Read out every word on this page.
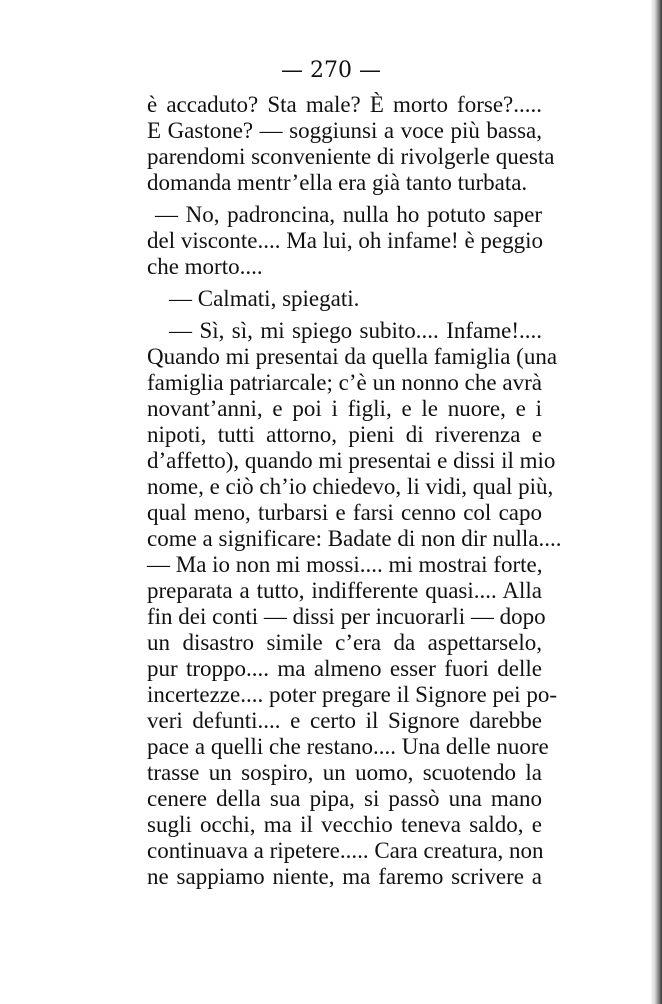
— 270 —
è accaduto? Sta male? È morto forse?.....
E Gastone? — soggiunsi a voce più bassa,
parendomi sconveniente di rivolgerle questa
domanda mentr’ella era già tanto turbata.
— No, padroncina, nulla ho potuto saper
del visconte.... Ma lui, oh infame! è peggio
che morto....
— Calmati, spiegati.
— Sì, sì, mi spiego subito.... Infame!....
Quando mi presentai da quella famiglia (una
famiglia patriarcale; c’è un nonno che avrà
novant’anni, e poi i figli, e le nuore, e i
nipoti, tutti attorno, pieni di riverenza e
d’affetto), quando mi presentai e dissi il mio
nome, e ciò ch’io chiedevo, li vidi, qual più,
qual meno, turbarsi e farsi cenno col capo
come a significare: Badate di non dir nulla....
— Ma io non mi mossi.... mi mostrai forte,
preparata a tutto, indifferente quasi.... Alla
fin dei conti — dissi per incuorarli — dopo
un disastro simile c’era da aspettarselo,
pur troppo.... ma almeno esser fuori delle
incertezze.... poter pregare il Signore pei po-
veri defunti.... e certo il Signore darebbe
pace a quelli che restano.... Una delle nuore
trasse un sospiro, un uomo, scuotendo la
cenere della sua pipa, si passò una mano
sugli occhi, ma il vecchio teneva saldo, e
continuava a ripetere..... Cara creatura, non
ne sappiamo niente, ma faremo scrivere a
